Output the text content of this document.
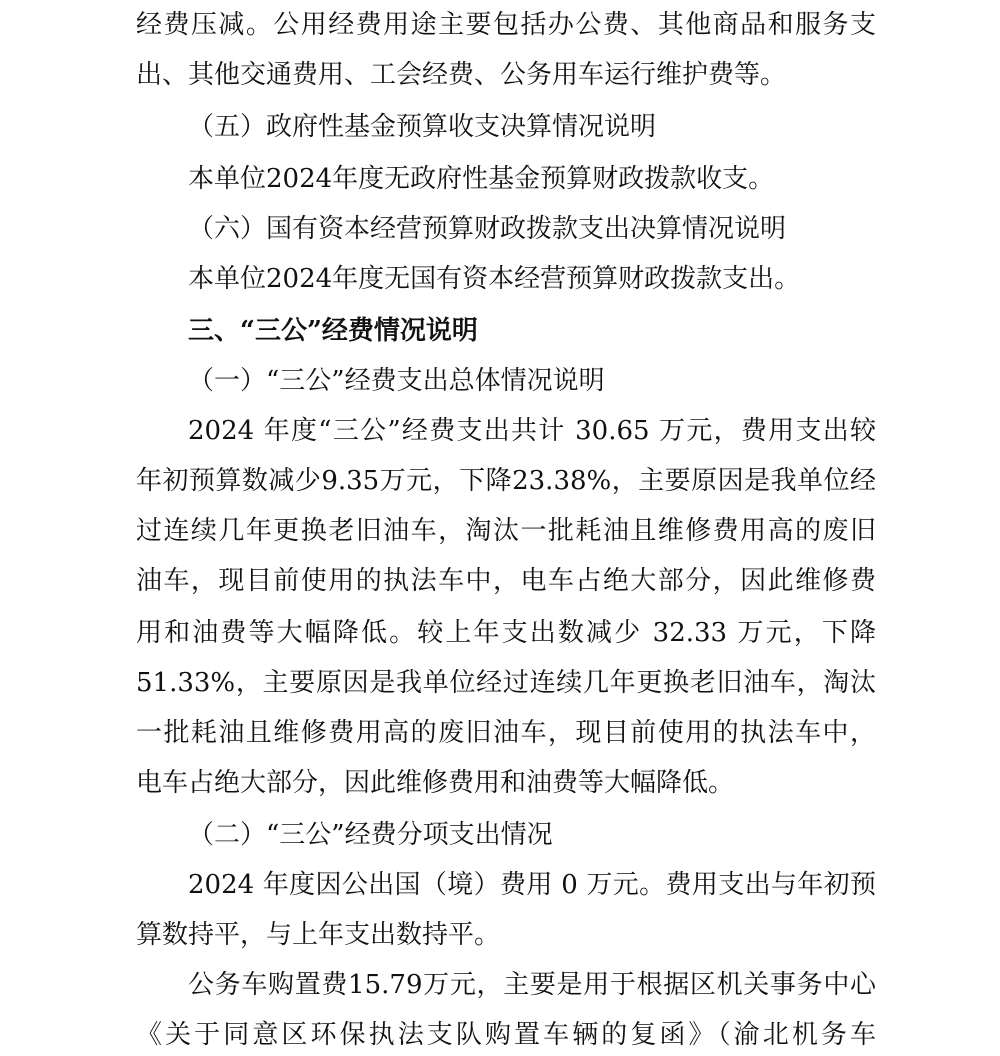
经费压减。公用经费用途主要包括办公费、其他商品和服务支
出、其他交通费用、工会经费、公务用车运行维护费等。
（五）政府性基金预算收支决算情况说明
本单位2024年度无政府性基金预算财政拨款收支。
（六）国有资本经营预算财政拨款支出决算情况说明
本单位2024年度无国有资本经营预算财政拨款支出。
三、“三公”经费情况说明
（一）“三公”经费支出总体情况说明
2024 年度“三公”经费支出共计 30.65 万元，费用支出较
年初预算数减少9.35万元，下降23.38%，主要原因是我单位经
过连续几年更换老旧油车，淘汰一批耗油且维修费用高的废旧
油车，现目前使用的执法车中，电车占绝大部分，因此维修费
用和油费等大幅降低。较上年支出数减少 32.33 万元，下降
51.33%，主要原因是我单位经过连续几年更换老旧油车，淘汰
一批耗油且维修费用高的废旧油车，现目前使用的执法车中，
电车占绝大部分，因此维修费用和油费等大幅降低。
（二）“三公”经费分项支出情况
2024 年度因公出国（境）费用 0 万元。费用支出与年初预
算数持平，与上年支出数持平。
公务车购置费15.79万元，主要是用于根据区机关事务中心
《关于同意区环保执法支队购置车辆的复函》（渝北机务车
